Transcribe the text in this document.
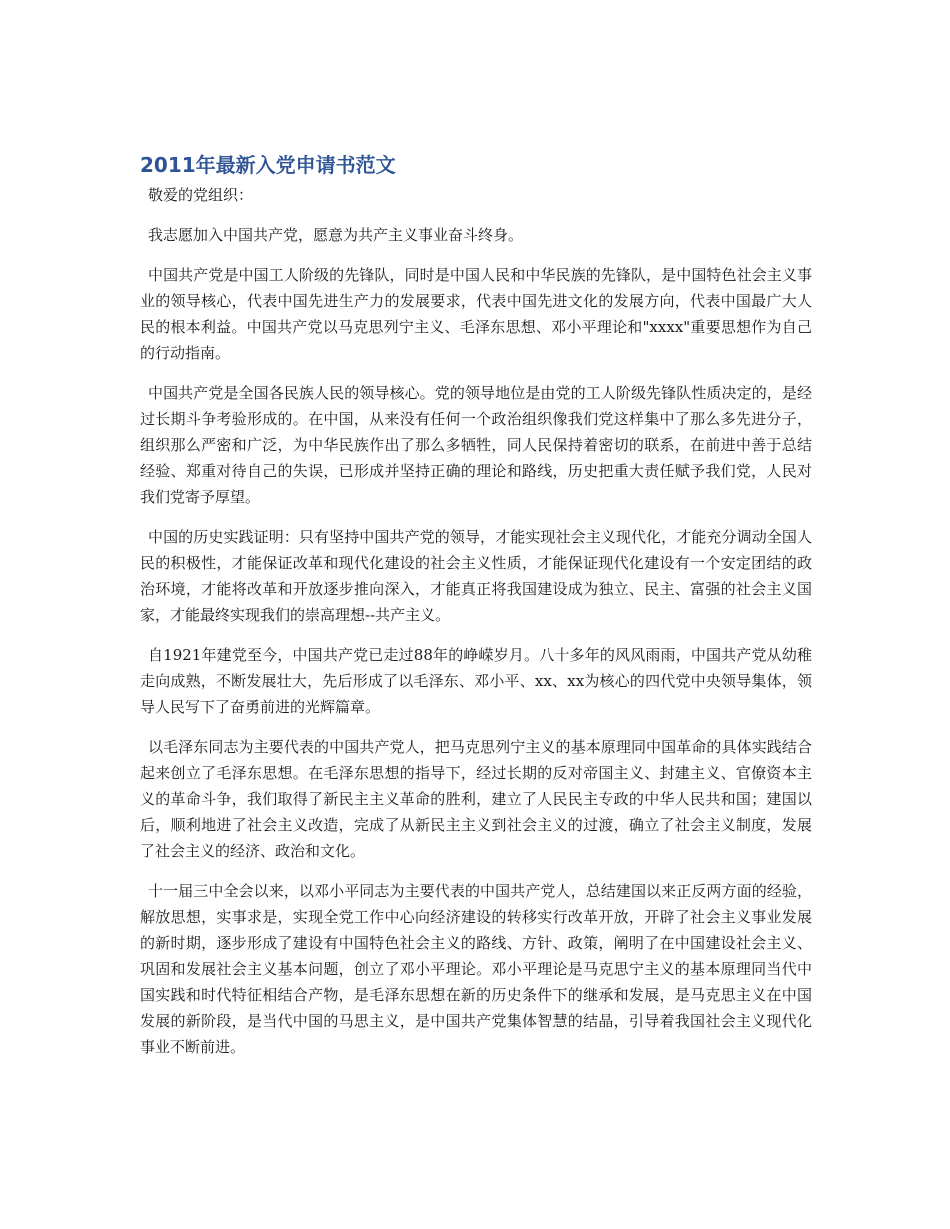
2011年最新入党申请书范文

敬爱的党组织：

我志愿加入中国共产党，愿意为共产主义事业奋斗终身。

中国共产党是中国工人阶级的先锋队，同时是中国人民和中华民族的先锋队，是中国特色社会主义事业的领导核心，代表中国先进生产力的发展要求，代表中国先进文化的发展方向，代表中国最广大人民的根本利益。中国共产党以马克思列宁主义、毛泽东思想、邓小平理论和"xxxx"重要思想作为自己的行动指南。

中国共产党是全国各民族人民的领导核心。党的领导地位是由党的工人阶级先锋队性质决定的，是经过长期斗争考验形成的。在中国，从来没有任何一个政治组织像我们党这样集中了那么多先进分子，组织那么严密和广泛，为中华民族作出了那么多牺牲，同人民保持着密切的联系，在前进中善于总结经验、郑重对待自己的失误，已形成并坚持正确的理论和路线，历史把重大责任赋予我们党，人民对我们党寄予厚望。

中国的历史实践证明：只有坚持中国共产党的领导，才能实现社会主义现代化，才能充分调动全国人民的积极性，才能保证改革和现代化建设的社会主义性质，才能保证现代化建设有一个安定团结的政治环境，才能将改革和开放逐步推向深入，才能真正将我国建设成为独立、民主、富强的社会主义国家，才能最终实现我们的崇高理想--共产主义。

自1921年建党至今，中国共产党已走过88年的峥嵘岁月。八十多年的风风雨雨，中国共产党从幼稚走向成熟，不断发展壮大，先后形成了以毛泽东、邓小平、xx、xx为核心的四代党中央领导集体，领导人民写下了奋勇前进的光辉篇章。

以毛泽东同志为主要代表的中国共产党人，把马克思列宁主义的基本原理同中国革命的具体实践结合起来创立了毛泽东思想。在毛泽东思想的指导下，经过长期的反对帝国主义、封建主义、官僚资本主义的革命斗争，我们取得了新民主主义革命的胜利，建立了人民民主专政的中华人民共和国；建国以后，顺利地进了社会主义改造，完成了从新民主主义到社会主义的过渡，确立了社会主义制度，发展了社会主义的经济、政治和文化。

十一届三中全会以来，以邓小平同志为主要代表的中国共产党人，总结建国以来正反两方面的经验，解放思想，实事求是，实现全党工作中心向经济建设的转移实行改革开放，开辟了社会主义事业发展的新时期，逐步形成了建设有中国特色社会主义的路线、方针、政策，阐明了在中国建设社会主义、巩固和发展社会主义基本问题，创立了邓小平理论。邓小平理论是马克思宁主义的基本原理同当代中国实践和时代特征相结合产物，是毛泽东思想在新的历史条件下的继承和发展，是马克思主义在中国发展的新阶段，是当代中国的马思主义，是中国共产党集体智慧的结晶，引导着我国社会主义现代化事业不断前进。
